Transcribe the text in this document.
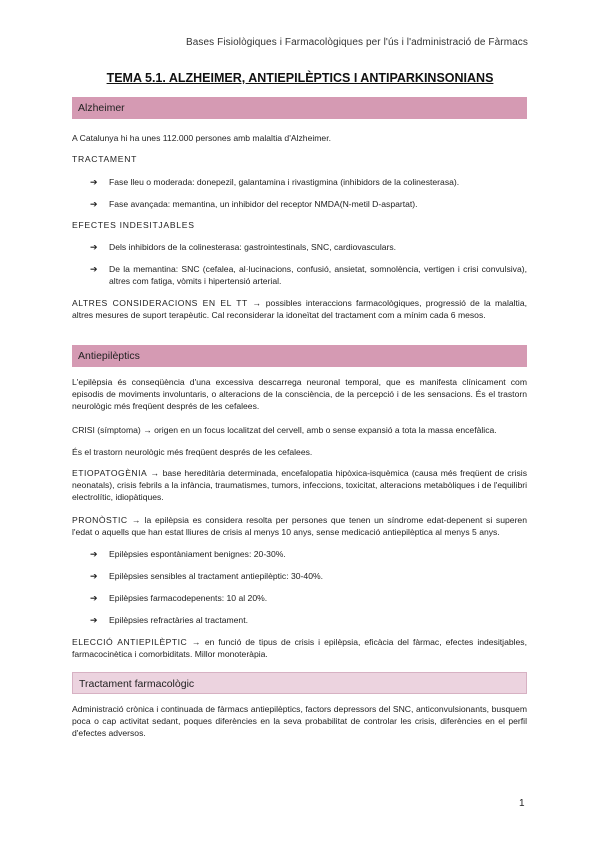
Bases Fisiològiques i Farmacològiques per l'ús i l'administració de Fàrmacs
TEMA 5.1. ALZHEIMER, ANTIEPILÈPTICS I ANTIPARKINSONIANS
Alzheimer
A Catalunya hi ha unes 112.000 persones amb malaltia d'Alzheimer.
TRACTAMENT
➔ Fase lleu o moderada: donepezil, galantamina i rivastigmina (inhibidors de la colinesterasa).
➔ Fase avançada: memantina, un inhibidor del receptor NMDA(N-metil D-aspartat).
EFECTES INDESITJABLES
➔ Dels inhibidors de la colinesterasa: gastrointestinals, SNC, cardiovasculars.
➔ De la memantina: SNC (cefalea, al·lucinacions, confusió, ansietat, somnolència, vertigen i crisi convulsiva), altres com fatiga, vòmits i hipertensió arterial.
ALTRES CONSIDERACIONS EN EL TT → possibles interaccions farmacològiques, progressió de la malaltia, altres mesures de suport terapèutic. Cal reconsiderar la idoneïtat del tractament com a mínim cada 6 mesos.
Antiepilèptics
L'epilèpsia és conseqüència d'una excessiva descarrega neuronal temporal, que es manifesta clínicament com episodis de moviments involuntaris, o alteracions de la consciència, de la percepció i de les sensacions. És el trastorn neurològic més freqüent després de les cefalees.
CRISI (símptoma) → origen en un focus localitzat del cervell, amb o sense expansió a tota la massa encefàlica.
És el trastorn neurològic més freqüent després de les cefalees.
ETIOPATOGÈNIA → base hereditària determinada, encefalopatia hipòxica-isquèmica (causa més freqüent de crisis neonatals), crisis febrils a la infància, traumatismes, tumors, infeccions, toxicitat, alteracions metabòliques i de l'equilibri electrolític, idiopàtiques.
PRONÒSTIC → la epilèpsia es considera resolta per persones que tenen un síndrome edat-depenent si superen l'edat o aquells que han estat lliures de crisis al menys 10 anys, sense medicació antiepilèptica al menys 5 anys.
➔ Epilèpsies espontàniament benignes: 20-30%.
➔ Epilèpsies sensibles al tractament antiepilèptic: 30-40%.
➔ Epilèpsies farmacodepenents: 10 al 20%.
➔ Epilèpsies refractàries al tractament.
ELECCIÓ ANTIEPILÈPTIC → en funció de tipus de crisis i epilèpsia, eficàcia del fàrmac, efectes indesitjables, farmacocinètica i comorbiditats. Millor monoteràpia.
Tractament farmacològic
Administració crònica i continuada de fàrmacs antiepilèptics, factors depressors del SNC, anticonvulsionants, busquem poca o cap activitat sedant, poques diferències en la seva probabilitat de controlar les crisis, diferències en el perfil d'efectes adversos.
1
